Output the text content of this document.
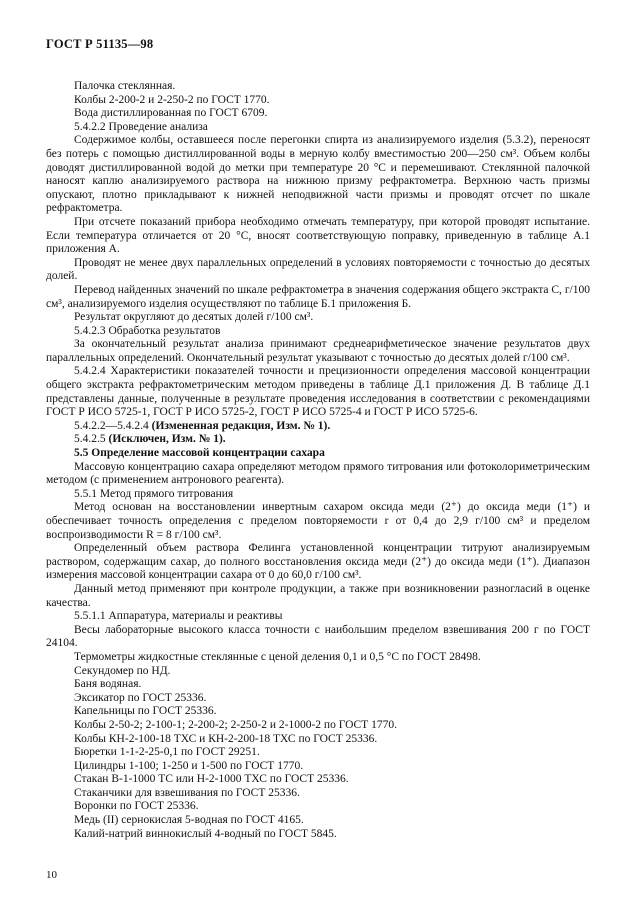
ГОСТ Р 51135—98

Палочка стеклянная.

Колбы 2-200-2 и 2-250-2 по ГОСТ 1770.

Вода дистиллированная по ГОСТ 6709.

5.4.2.2 Проведение анализа

Содержимое колбы, оставшееся после перегонки спирта из анализируемого изделия (5.3.2), переносят без потерь с помощью дистиллированной воды в мерную колбу вместимостью 200—250 см³. Объем колбы доводят дистиллированной водой до метки при температуре 20 °С и перемешивают. Стеклянной палочкой наносят каплю анализируемого раствора на нижнюю призму рефрактометра. Верхнюю часть призмы опускают, плотно прикладывают к нижней неподвижной части призмы и проводят отсчет по шкале рефрактометра.

При отсчете показаний прибора необходимо отмечать температуру, при которой проводят испытание. Если температура отличается от 20 °С, вносят соответствующую поправку, приведенную в таблице А.1 приложения А.

Проводят не менее двух параллельных определений в условиях повторяемости с точностью до десятых долей.

Перевод найденных значений по шкале рефрактометра в значения содержания общего экстракта С, г/100 см³, анализируемого изделия осуществляют по таблице Б.1 приложения Б.

Результат округляют до десятых долей г/100 см³.

5.4.2.3 Обработка результатов

За окончательный результат анализа принимают среднеарифметическое значение результатов двух параллельных определений. Окончательный результат указывают с точностью до десятых долей г/100 см³.

5.4.2.4 Характеристики показателей точности и прецизионности определения массовой концентрации общего экстракта рефрактометрическим методом приведены в таблице Д.1 приложения Д. В таблице Д.1 представлены данные, полученные в результате проведения исследования в соответствии с рекомендациями ГОСТ Р ИСО 5725-1, ГОСТ Р ИСО 5725-2, ГОСТ Р ИСО 5725-4 и ГОСТ Р ИСО 5725-6.

5.4.2.2—5.4.2.4 (Измененная редакция, Изм. № 1).

5.4.2.5 (Исключен, Изм. № 1).

5.5 Определение массовой концентрации сахара

Массовую концентрацию сахара определяют методом прямого титрования или фотоколориметрическим методом (с применением антронового реагента).

5.5.1 Метод прямого титрования

Метод основан на восстановлении инвертным сахаром оксида меди (2⁺) до оксида меди (1⁺) и обеспечивает точность определения с пределом повторяемости r от 0,4 до 2,9 г/100 см³ и пределом воспроизводимости R = 8 г/100 см³.

Определенный объем раствора Фелинга установленной концентрации титруют анализируемым раствором, содержащим сахар, до полного восстановления оксида меди (2⁺) до оксида меди (1⁺). Диапазон измерения массовой концентрации сахара от 0 до 60,0 г/100 см³.

Данный метод применяют при контроле продукции, а также при возникновении разногласий в оценке качества.

5.5.1.1 Аппаратура, материалы и реактивы

Весы лабораторные высокого класса точности с наибольшим пределом взвешивания 200 г по ГОСТ 24104.

Термометры жидкостные стеклянные с ценой деления 0,1 и 0,5 °С по ГОСТ 28498.

Секундомер по НД.

Баня водяная.

Эксикатор по ГОСТ 25336.

Капельницы по ГОСТ 25336.

Колбы 2-50-2; 2-100-1; 2-200-2; 2-250-2 и 2-1000-2 по ГОСТ 1770.

Колбы КН-2-100-18 ТХС и КН-2-200-18 ТХС по ГОСТ 25336.

Бюретки 1-1-2-25-0,1 по ГОСТ 29251.

Цилиндры 1-100; 1-250 и 1-500 по ГОСТ 1770.

Стакан В-1-1000 ТС или Н-2-1000 ТХС по ГОСТ 25336.

Стаканчики для взвешивания по ГОСТ 25336.

Воронки по ГОСТ 25336.

Медь (II) сернокислая 5-водная по ГОСТ 4165.

Калий-натрий виннокислый 4-водный по ГОСТ 5845.

10
